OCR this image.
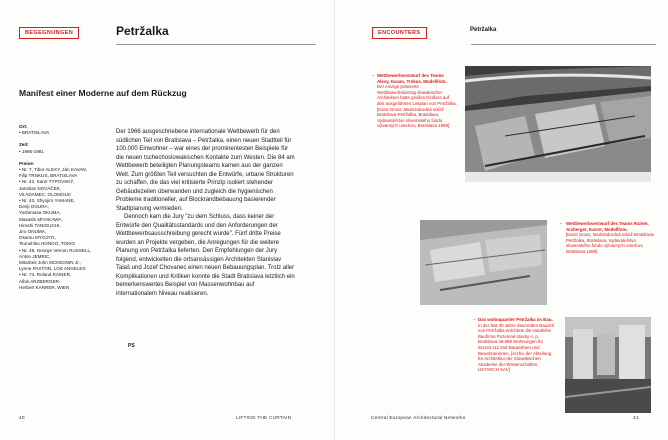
BEGEGNUNGEN	Petržalka
Manifest einer Moderne auf dem Rückzug
Ort:
• BRATISLAVA
Zeit:
• 1966-1981
Preise:
• Nr. 7, Tibor ALEXY, Ján KAVAN,
Filip TRNKUS, BRATISLAVA
• Nr. 42, Karel TYPOVSKÝ,
Jaroslav NOVÁČEK,
Vit ADAMEC, OLOMOUC
• Nr. 43, Shyojiro YAMANE,
Denji OGURA,
Yoshimasa OKUMA,
Masashi MIYAKAWA,
Hiroshi TANIGUCHI,
Jiro ONUMA,
Osamu MYOJYO,
Tsunehiko HONGO, TOKIO
• Nr. 48, George Vernon RUSSELL,
Anton JEMRIC,
Mitarbeit John MCKEOWN Jr.,
Lynne PAXTON, LOS ANGELES
• Nr. 74, Roland RAINER,
Albin ARZBERGER,
Herbert KARRER, WIEN

Der 1966 ausgeschriebene internationale Wettbewerb für den südlichen Teil von Bratislava – Petržalka, einen neuen Stadtteil für 100.000 Einwohner – war eines der prominentesten Beispiele für die neuen tschechoslowakischen Kontakte zum Westen. Die 84 am Wettbewerb beteiligten Planungsteams kamen aus der ganzen Welt. Zum größten Teil versuchten die Entwürfe, urbane Strukturen zu schaffen, die das viel kritisierte Prinzip isoliert stehender Gebäudezeilen überwanden und zugleich die hygienischen Probleme traditioneller, auf Blockrandbebauung basierender Stadtplanung vermieden.

Dennoch kam die Jury "zu dem Schluss, dass keiner der Entwürfe den Qualitätsstandards und den Anforderungen der Wettbewerbsausschreibung gerecht wurde". Fünf dritte Preise wurden an Projekte vergeben, die Anregungen für die weitere Planung von Petržalka lieferten. Den Empfehlungen der Jury folgend, entwickelten die ortsansässigen Architekten Stanislav Talaš und Jozef Chovanec einen neuen Bebauungsplan. Trotz aller Komplikationen und Kritiken konnte die Stadt Bratislava letztlich ein bemerkenswertes Beispiel von Massenwohnbau auf internationalem Niveau realisieren.

PS
40	LIFTING THE CURTAIN
ENCOUNTERS
Central European Architectural Networks	41
Petržalka
→ Wettbewerbsentwurf des Teams Alexy, Kavan, Trnkus, Modellfoto.
Der einzige prämierte Wettbewerbsbeitrag slowakischer Architekten hatte großen Einfluss auf den ausgeführten Leitplan von Petržalka. [Karol Gross, Medzinárodná súťaž Bratislava-Petržalka, Bratislava, Vydavateľstvo slovenského fondu výtvarných umelcov, Bratislava 1969]
← Wettbewerbsentwurf des Teams Rainer, Arzberger, Karrer, Modellfoto.
[Karol Gross, Medzinárodná súťaž Bratislava-Petržalka, Bratislava, Vydavateľstvo slovenského fondu výtvarných umelcov, Bratislava 1969]
→ Das wohnquartier Petržalka im Bau.
In der fast 30 Jahre dauernden Bauzeit von Petržalka errichtete die staatliche Baufirma Pozemné stavby n. p. Bratislava 49.899 Wohnungen für derzeit 111.918 Bauwohner und Bewohnerinnen. [Archiv der Abteilung für Architektur der Slowakischen Akademie der Wissenschaften ÚSTARCH SAV]
